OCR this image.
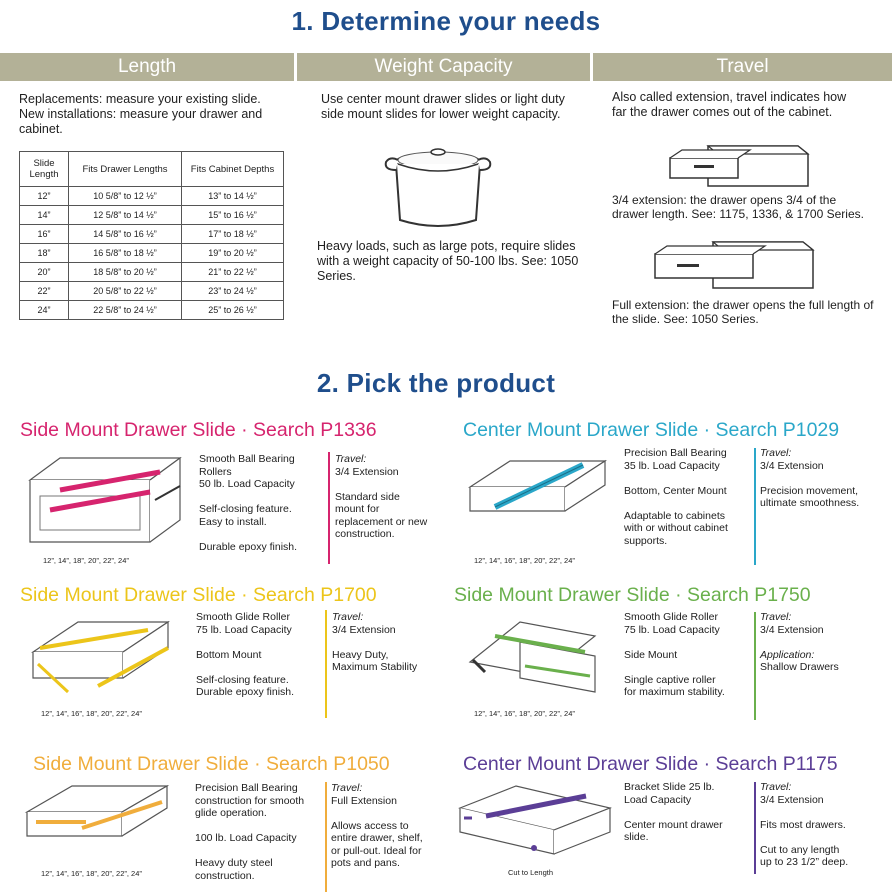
1. Determine your needs
Length	Weight Capacity	Travel
Replacements: measure your existing slide.
New installations: measure your drawer and cabinet.
Slide Length	Fits Drawer Lengths	Fits Cabinet Depths
12”	10 5/8” to 12 ½”	13” to 14 ½”
14”	12 5/8” to 14 ½”	15” to 16 ½”
16”	14 5/8” to 16 ½”	17” to 18 ½”
18”	16 5/8” to 18 ½”	19” to 20 ½”
20”	18 5/8” to 20 ½”	21” to 22 ½”
22”	20 5/8” to 22 ½”	23” to 24 ½”
24”	22 5/8” to 24 ½”	25” to 26 ½”
Use center mount drawer slides or light duty side mount slides for lower weight capacity.
Heavy loads, such as large pots, require slides with a weight capacity of 50-100 lbs. See: 1050 Series.
Also called extension, travel indicates how far the drawer comes out of the cabinet.
3/4 extension: the drawer opens 3/4 of the drawer length. See: 1175, 1336, & 1700 Series.
Full extension: the drawer opens the full length of the slide. See: 1050 Series.
2. Pick the product
Side Mount Drawer Slide · Search P1336
12”, 14”, 18”, 20”, 22”, 24”
Smooth Ball Bearing Rollers
50 lb. Load Capacity

Self-closing feature.
Easy to install.

Durable epoxy finish.
Travel:
3/4 Extension

Standard side
mount for
replacement or new
construction.
Center Mount Drawer Slide · Search P1029
12”, 14”, 16”, 18”, 20”, 22”, 24”
Precision Ball Bearing
35 lb. Load Capacity

Bottom, Center Mount

Adaptable to cabinets
with or without cabinet
supports.
Travel:
3/4 Extension

Precision movement,
ultimate smoothness.
Side Mount Drawer Slide · Search P1700
12”, 14”, 16”, 18”, 20”, 22”, 24”
Smooth Glide Roller
75 lb. Load Capacity

Bottom Mount

Self-closing feature.
Durable epoxy finish.
Travel:
3/4 Extension

Heavy Duty,
Maximum Stability
Side Mount Drawer Slide · Search P1750
12”, 14”, 16”, 18”, 20”, 22”, 24”
Smooth Glide Roller
75 lb. Load Capacity

Side Mount

Single captive roller
for maximum stability.
Travel:
3/4 Extension

Application:
Shallow Drawers
Side Mount Drawer Slide · Search P1050
12”, 14”, 16”, 18”, 20”, 22”, 24”
Precision Ball Bearing
construction for smooth
glide operation.

100 lb. Load Capacity

Heavy duty steel
construction.
Travel:
Full Extension

Allows access to
entire drawer, shelf,
or pull-out. Ideal for
pots and pans.
Center Mount Drawer Slide · Search P1175
Cut to Length
Bracket Slide 25 lb.
Load Capacity

Center mount drawer
slide.
Travel:
3/4 Extension

Fits most drawers.

Cut to any length
up to 23 1/2” deep.
